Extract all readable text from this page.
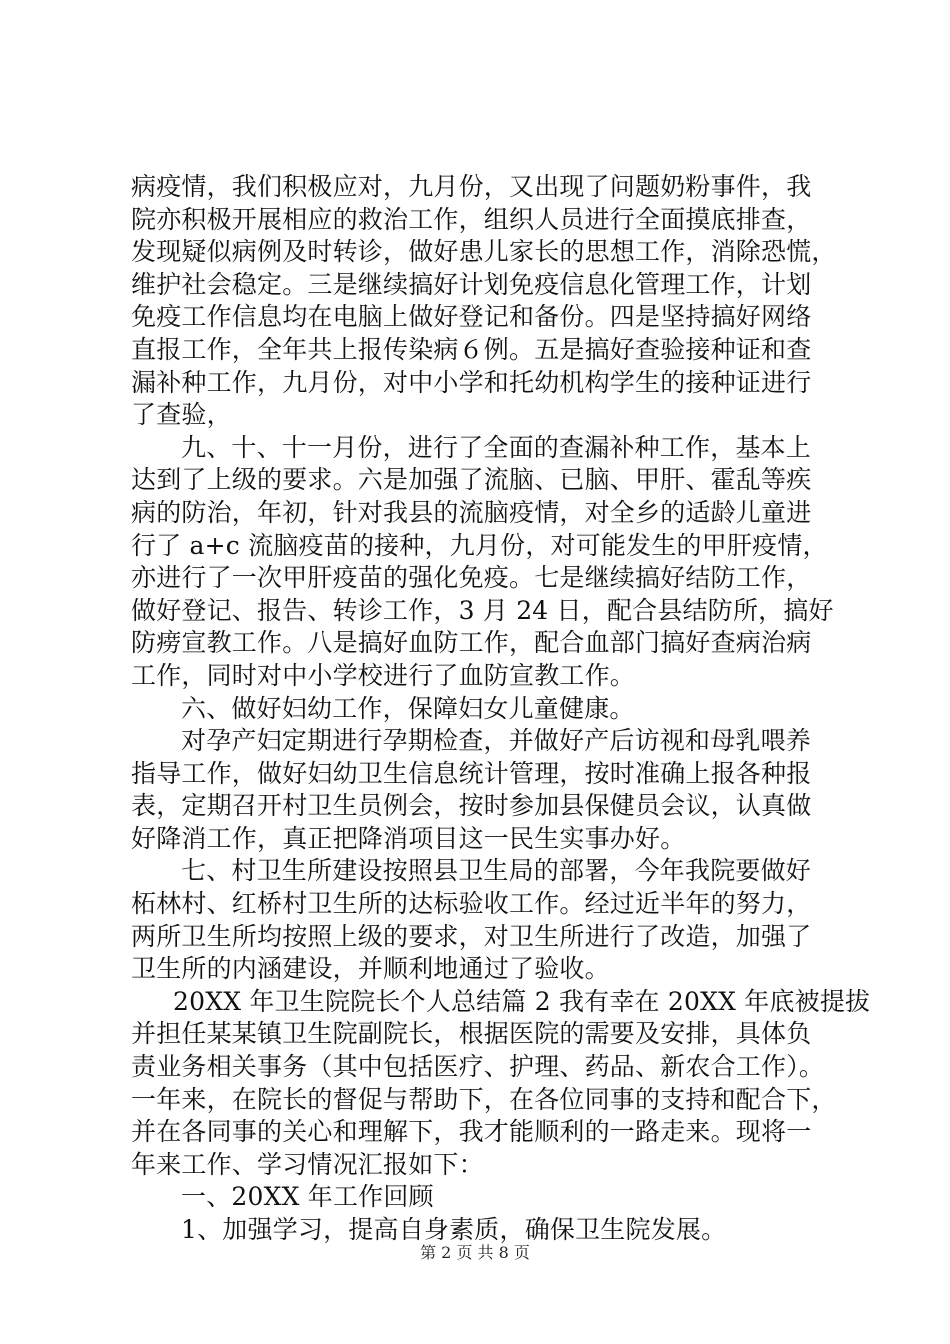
病疫情，我们积极应对，九月份，又出现了问题奶粉事件，我
院亦积极开展相应的救治工作，组织人员进行全面摸底排查，
发现疑似病例及时转诊，做好患儿家长的思想工作，消除恐慌，
维护社会稳定。三是继续搞好计划免疫信息化管理工作，计划
免疫工作信息均在电脑上做好登记和备份。四是坚持搞好网络
直报工作，全年共上报传染病６例。五是搞好查验接种证和查
漏补种工作，九月份，对中小学和托幼机构学生的接种证进行
了查验，
九、十、十一月份，进行了全面的查漏补种工作，基本上
达到了上级的要求。六是加强了流脑、已脑、甲肝、霍乱等疾
病的防治，年初，针对我县的流脑疫情，对全乡的适龄儿童进
行了 a+c 流脑疫苗的接种，九月份，对可能发生的甲肝疫情，
亦进行了一次甲肝疫苗的强化免疫。七是继续搞好结防工作，
做好登记、报告、转诊工作，3 月 24 日，配合县结防所，搞好
防痨宣教工作。八是搞好血防工作，配合血部门搞好查病治病
工作，同时对中小学校进行了血防宣教工作。
六、做好妇幼工作，保障妇女儿童健康。
对孕产妇定期进行孕期检查，并做好产后访视和母乳喂养
指导工作，做好妇幼卫生信息统计管理，按时准确上报各种报
表，定期召开村卫生员例会，按时参加县保健员会议，认真做
好降消工作，真正把降消项目这一民生实事办好。
七、村卫生所建设按照县卫生局的部署，今年我院要做好
柘林村、红桥村卫生所的达标验收工作。经过近半年的努力，
两所卫生所均按照上级的要求，对卫生所进行了改造，加强了
卫生所的内涵建设，并顺利地通过了验收。
20XX 年卫生院院长个人总结篇 2 我有幸在 20XX 年底被提拔
并担任某某镇卫生院副院长，根据医院的需要及安排，具体负
责业务相关事务（其中包括医疗、护理、药品、新农合工作）。
一年来，在院长的督促与帮助下，在各位同事的支持和配合下，
并在各同事的关心和理解下，我才能顺利的一路走来。现将一
年来工作、学习情况汇报如下：
一、20XX 年工作回顾
1、加强学习，提高自身素质，确保卫生院发展。
第 2 页 共 8 页
